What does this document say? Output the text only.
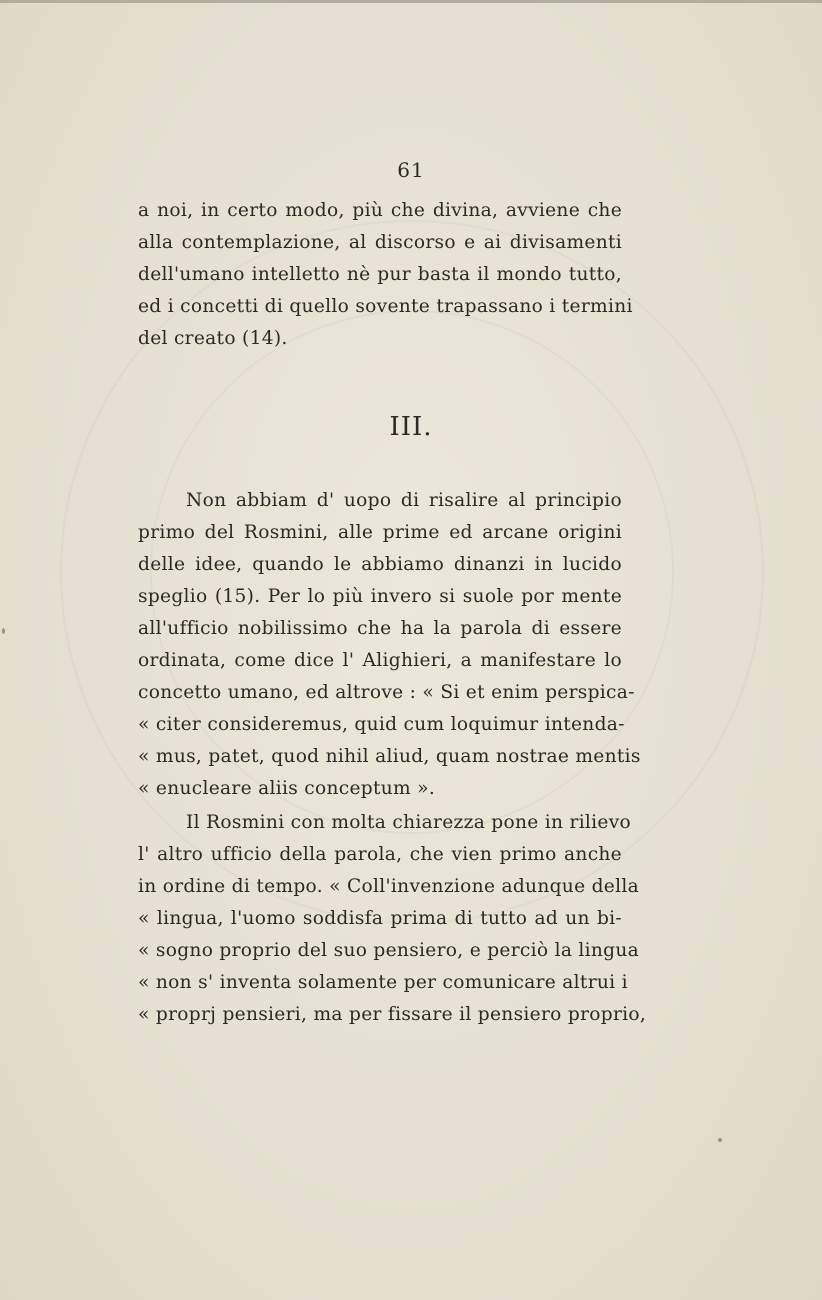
61
a noi, in certo modo, più che divina, avviene che
alla contemplazione, al discorso e ai divisamenti
dell'umano intelletto nè pur basta il mondo tutto,
ed i concetti di quello sovente trapassano i termini
del creato (14).
III.
Non abbiam d' uopo di risalire al principio
primo del Rosmini, alle prime ed arcane origini
delle idee, quando le abbiamo dinanzi in lucido
speglio (15). Per lo più invero si suole por mente
all'ufficio nobilissimo che ha la parola di essere
ordinata, come dice l' Alighieri, a manifestare lo
concetto umano, ed altrove : « Si et enim perspica-
« citer consideremus, quid cum loquimur intenda-
« mus, patet, quod nihil aliud, quam nostrae mentis
« enucleare aliis conceptum ».
Il Rosmini con molta chiarezza pone in rilievo
l' altro ufficio della parola, che vien primo anche
in ordine di tempo. « Coll'invenzione adunque della
« lingua, l'uomo soddisfa prima di tutto ad un bi-
« sogno proprio del suo pensiero, e perciò la lingua
« non s' inventa solamente per comunicare altrui i
« proprj pensieri, ma per fissare il pensiero proprio,
